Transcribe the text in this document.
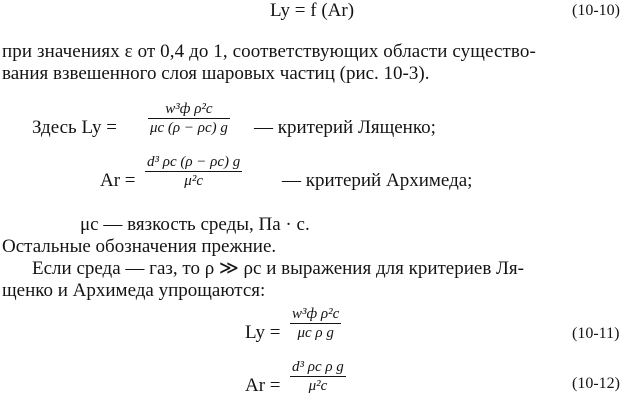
Ly = f (Ar)	(10-10)
при значениях ε от 0,4 до 1, соответствующих области существо-
вания взвешенного слоя шаровых частиц (рис. 10-3).
Здесь Ly =
w³ф ρ²c
μc (ρ − ρc) g — критерий Лященко;
$Ar = \frac{\text{d³ ρc (ρ − ρc) g}}{\text{μ²c}}$ — критерий Архимеда;
μc — вязкость среды, Па · с.
Остальные обозначения прежние.
Если среда — газ, то ρ ≫ ρc и выражения для критериев Ля-
щенко и Архимеда упрощаются:
Ly =
w³ф ρ²c
μc ρ g	(10-11)
$Ar = \frac{\text{d³ ρc ρ g}}{\text{μ²c}}$	(10-12)
